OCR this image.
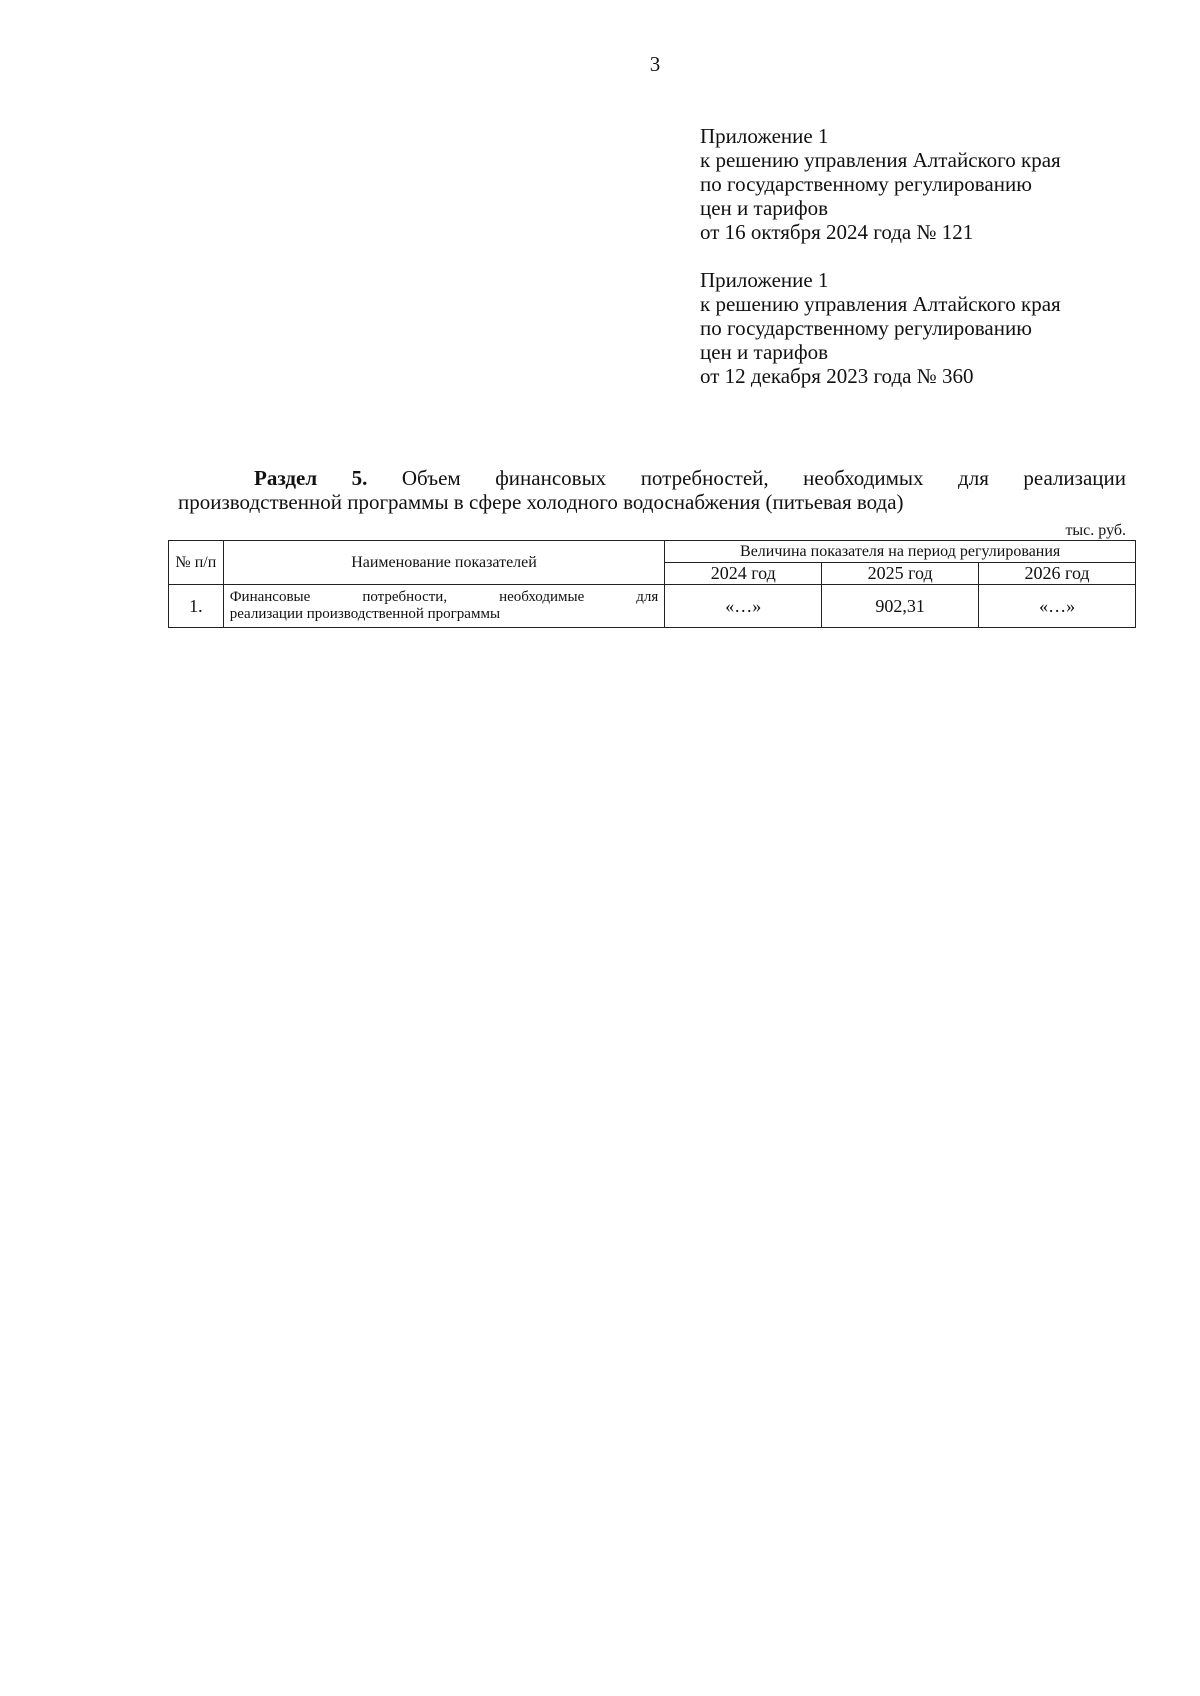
3
Приложение 1
к решению управления Алтайского края
по государственному регулированию
цен и тарифов
от 16 октября 2024 года № 121
Приложение 1
к решению управления Алтайского края
по государственному регулированию
цен и тарифов
от 12 декабря 2023 года № 360
Раздел 5. Объем финансовых потребностей, необходимых для реализации
производственной программы в сфере холодного водоснабжения (питьевая вода)
тыс. руб.
№ п/п	Наименование показателей	Величина показателя на период регулирования		
		2024 год	2025 год	2026 год
1.	Финансовые потребности, необходимые для
реализации производственной программы	«…»	902,31	«…»
